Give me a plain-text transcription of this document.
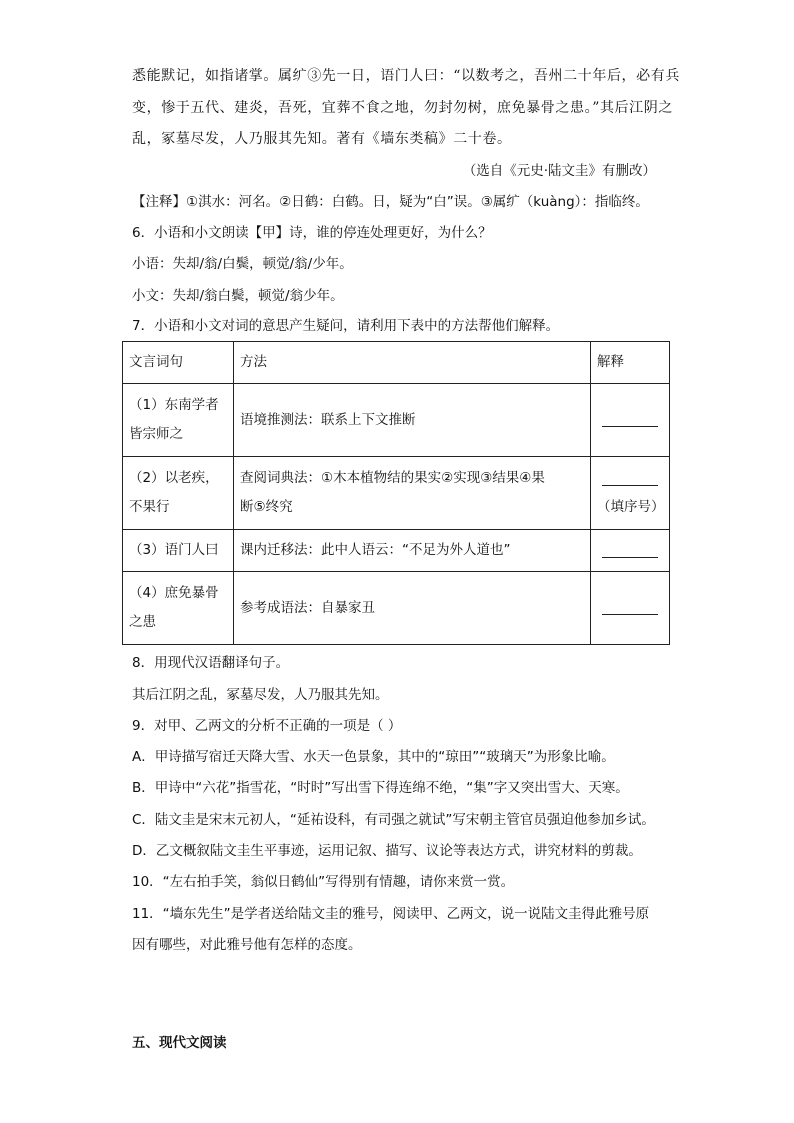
悉能默记，如指诸掌。属纩③先一日，语门人曰：“以数考之，吾州二十年后，必有兵
变，惨于五代、建炎，吾死，宜葬不食之地，勿封勿树，庶免暴骨之患。”其后江阴之
乱，冢墓尽发，人乃服其先知。著有《墙东类稿》二十卷。
（选自《元史·陆文圭》有删改）
【注释】①淇水：河名。②日鹤：白鹤。日，疑为“白”误。③属纩（kuàng）：指临终。
6．小语和小文朗读【甲】诗，谁的停连处理更好，为什么？
小语：失却/翁/白鬓，顿觉/翁/少年。
小文：失却/翁白鬓，顿觉/翁少年。
7．小语和小文对词的意思产生疑问，请利用下表中的方法帮他们解释。
文言词句	方法	解释

（1）东南学者
皆宗师之	语境推测法：联系上下文推断	

（2）以老疾，
不果行	查阅词典法：①木本植物结的果实②实现③结果④果
断⑤终究	（填序号）

（3）语门人曰	课内迁移法：此中人语云：“不足为外人道也”	

（4）庶免暴骨
之患	参考成语法：自暴家丑	
8．用现代汉语翻译句子。
其后江阴之乱，冢墓尽发，人乃服其先知。
9．对甲、乙两文的分析不正确的一项是（ ）
A．甲诗描写宿迁天降大雪、水天一色景象，其中的“琼田”“玻璃天”为形象比喻。
B．甲诗中“六花”指雪花，“时时”写出雪下得连绵不绝，“集”字又突出雪大、天寒。
C．陆文圭是宋末元初人，“延祐设科，有司强之就试”写宋朝主管官员强迫他参加乡试。
D．乙文概叙陆文圭生平事迹，运用记叙、描写、议论等表达方式，讲究材料的剪裁。
10．“左右拍手笑，翁似日鹤仙”写得别有情趣，请你来赏一赏。
11．“墙东先生”是学者送给陆文圭的雅号，阅读甲、乙两文，说一说陆文圭得此雅号原
因有哪些，对此雅号他有怎样的态度。
五、现代文阅读
